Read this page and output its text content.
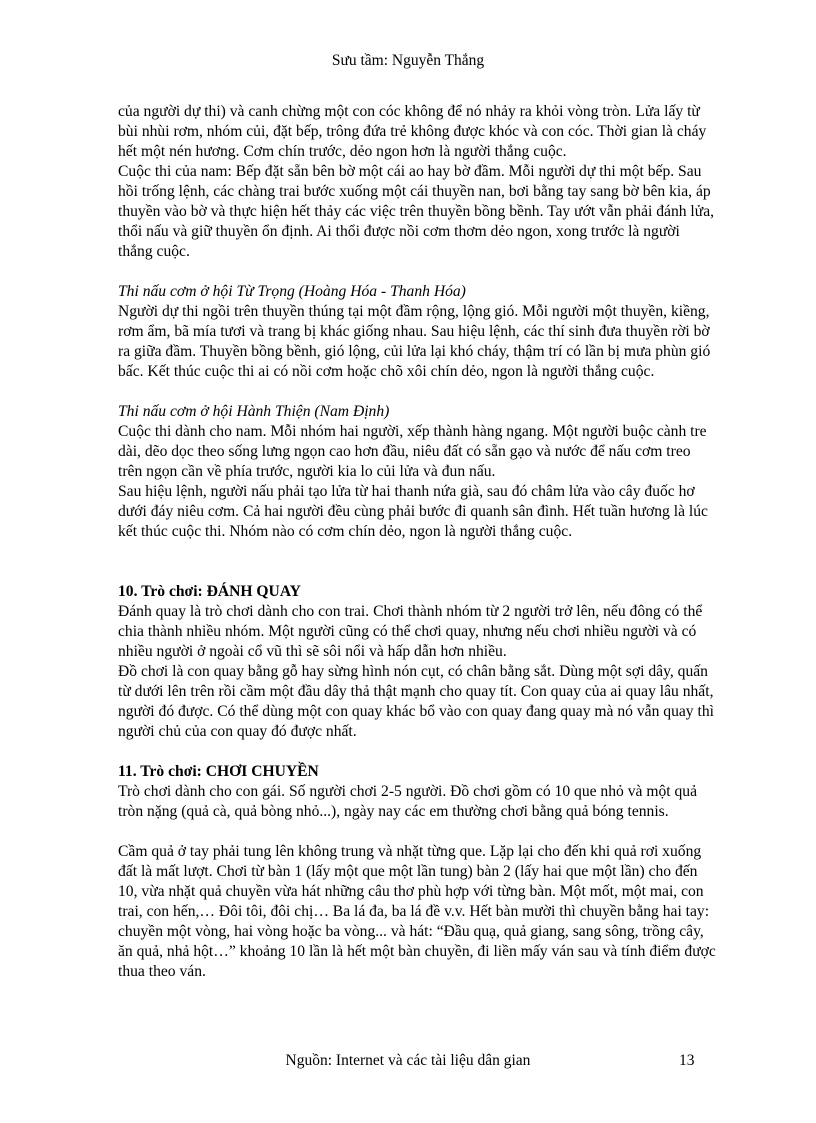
Sưu tầm: Nguyễn Thắng

của người dự thi) và canh chừng một con cóc không để nó nhảy ra khỏi vòng tròn. Lửa lấy từ bùi nhùi rơm, nhóm củi, đặt bếp, trông đứa trẻ không được khóc và con cóc. Thời gian là cháy hết một nén hương. Cơm chín trước, dẻo ngon hơn là người thắng cuộc.

Cuộc thi của nam: Bếp đặt sẵn bên bờ một cái ao hay bờ đầm. Mỗi người dự thi một bếp. Sau hồi trống lệnh, các chàng trai bước xuống một cái thuyền nan, bơi bằng tay sang bờ bên kia, áp thuyền vào bờ và thực hiện hết thảy các việc trên thuyền bồng bềnh. Tay ướt vẫn phải đánh lửa, thổi nấu và giữ thuyền ổn định. Ai thổi được nồi cơm thơm dẻo ngon, xong trước là người thắng cuộc.

Thi nấu cơm ở hội Từ Trọng (Hoàng Hóa - Thanh Hóa)

Người dự thi ngồi trên thuyền thúng tại một đầm rộng, lộng gió. Mỗi người một thuyền, kiềng, rơm ẩm, bã mía tươi và trang bị khác giống nhau. Sau hiệu lệnh, các thí sinh đưa thuyền rời bờ ra giữa đầm. Thuyền bồng bềnh, gió lộng, củi lửa lại khó cháy, thậm trí có lần bị mưa phùn gió bấc. Kết thúc cuộc thi ai có nồi cơm hoặc chõ xôi chín dẻo, ngon là người thắng cuộc.

Thi nấu cơm ở hội Hành Thiện (Nam Định)

Cuộc thi dành cho nam. Mỗi nhóm hai người, xếp thành hàng ngang. Một người buộc cành tre dài, dẽo dọc theo sống lưng ngọn cao hơn đầu, niêu đất có sẵn gạo và nước để nấu cơm treo trên ngọn cần về phía trước, người kia lo củi lửa và đun nấu.

Sau hiệu lệnh, người nấu phải tạo lửa từ hai thanh nứa già, sau đó châm lửa vào cây đuốc hơ dưới đáy niêu cơm. Cả hai người đều cùng phải bước đi quanh sân đình. Hết tuần hương là lúc kết thúc cuộc thi. Nhóm nào có cơm chín dẻo, ngon là người thắng cuộc.

10. Trò chơi: ĐÁNH QUAY

Đánh quay là trò chơi dành cho con trai. Chơi thành nhóm từ 2 người trở lên, nếu đông có thể chia thành nhiều nhóm. Một người cũng có thể chơi quay, nhưng nếu chơi nhiều người và có nhiều người ở ngoài cổ vũ thì sẽ sôi nổi và hấp dẫn hơn nhiều.

Đồ chơi là con quay bằng gỗ hay sừng hình nón cụt, có chân bằng sắt. Dùng một sợi dây, quấn từ dưới lên trên rồi cầm một đầu dây thả thật mạnh cho quay tít. Con quay của ai quay lâu nhất, người đó được. Có thể dùng một con quay khác bổ vào con quay đang quay mà nó vẫn quay thì người chủ của con quay đó được nhất.

11. Trò chơi: CHƠI CHUYỀN

Trò chơi dành cho con gái. Số người chơi 2-5 người. Đồ chơi gồm có 10 que nhỏ và một quả tròn nặng (quả cà, quả bòng nhỏ...), ngày nay các em thường chơi bằng quả bóng tennis.

Cầm quả ở tay phải tung lên không trung và nhặt từng que. Lặp lại cho đến khi quả rơi xuống đất là mất lượt. Chơi từ bàn 1 (lấy một que một lần tung) bàn 2 (lấy hai que một lần) cho đến 10, vừa nhặt quả chuyền vừa hát những câu thơ phù hợp với từng bàn. Một mốt, một mai, con trai, con hến,… Đôi tôi, đôi chị… Ba lá đa, ba lá đề v.v. Hết bàn mười thì chuyền bằng hai tay: chuyền một vòng, hai vòng hoặc ba vòng... và hát: “Đầu quạ, quả giang, sang sông, trồng cây, ăn quả, nhả hột…” khoảng 10 lần là hết một bàn chuyền, đi liền mấy ván sau và tính điểm được thua theo ván.

Nguồn: Internet và các tài liệu dân gian	13
